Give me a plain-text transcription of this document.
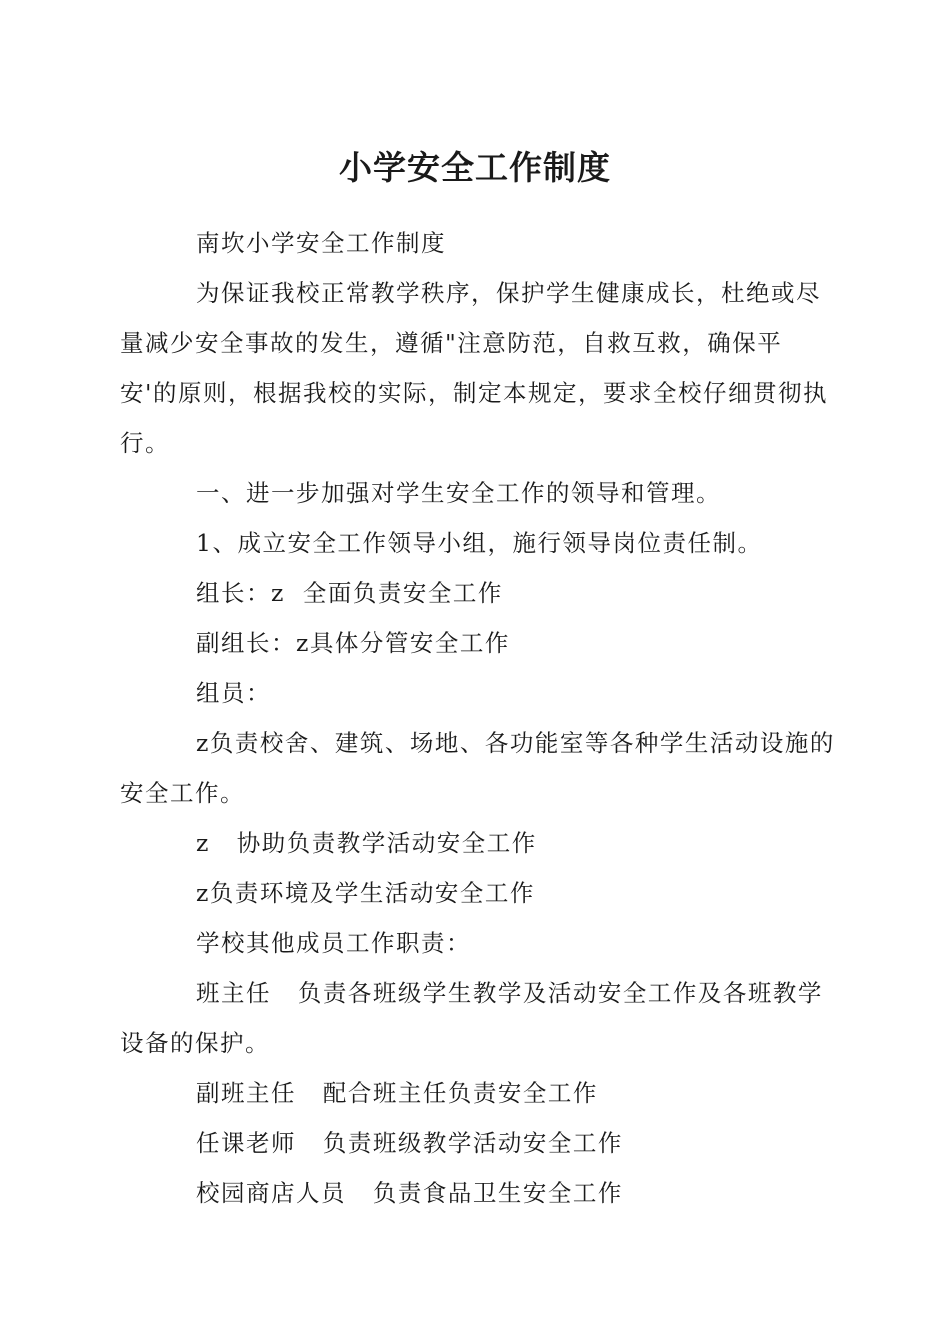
小学安全工作制度

南坎小学安全工作制度

为保证我校正常教学秩序，保护学生健康成长，杜绝或尽量减少安全事故的发生，遵循"注意防范，自救互救，确保平安'的原则，根据我校的实际，制定本规定，要求全校仔细贯彻执行。

一、进一步加强对学生安全工作的领导和管理。

1、成立安全工作领导小组，施行领导岗位责任制。

组长：z  全面负责安全工作

副组长：z具体分管安全工作

组员：

z负责校舍、建筑、场地、各功能室等各种学生活动设施的安全工作。

z   协助负责教学活动安全工作

z负责环境及学生活动安全工作

学校其他成员工作职责：

班主任   负责各班级学生教学及活动安全工作及各班教学设备的保护。

副班主任   配合班主任负责安全工作

任课老师   负责班级教学活动安全工作

校园商店人员   负责食品卫生安全工作
